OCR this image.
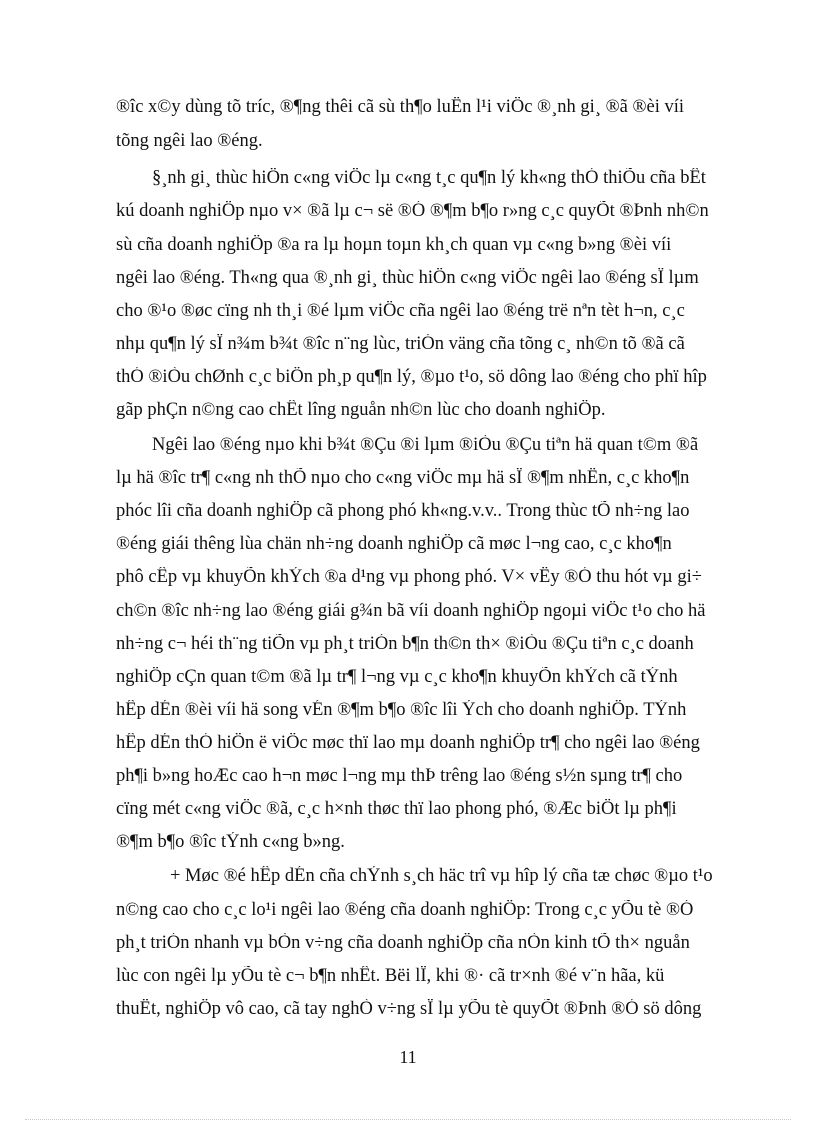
®îc x©y dùng tõ tríc, ®¶ng thêi cã sù th¶o luËn l¹i viÖc ®¸nh gi¸ ®ã ®èi víi
tõng ngêi lao ®éng.
§¸nh gi¸ thùc hiÖn c«ng viÖc lµ c«ng t¸c qu¶n lý kh«ng thÓ thiÕu cña bÊt
kú doanh nghiÖp nµo v× ®ã lµ c¬ së ®Ó ®¶m b¶o r»ng c¸c quyÕt ®Þnh nh©n
sù cña doanh nghiÖp ®a ra lµ hoµn toµn kh¸ch quan vµ c«ng b»ng ®èi víi
ngêi lao ®éng. Th«ng qua ®¸nh gi¸ thùc hiÖn c«ng viÖc ngêi lao ®éng sÏ lµm
cho ®¹o ®øc cïng nh th¸i ®é lµm viÖc cña ngêi lao ®éng trë nªn tèt h¬n, c¸c
nhµ qu¶n lý sÏ n¾m b¾t ®îc n¨ng lùc, triÓn väng cña tõng c¸ nh©n tõ ®ã cã
thÓ ®iÒu chØnh c¸c biÖn ph¸p qu¶n lý, ®µo t¹o, sö dông lao ®éng cho phï hîp
gãp phÇn n©ng cao chÊt lîng nguån nh©n lùc cho doanh nghiÖp.
Ngêi lao ®éng nµo khi b¾t ®Çu ®i lµm ®iÒu ®Çu tiªn hä quan t©m ®ã
lµ hä ®îc tr¶ c«ng nh thÕ nµo cho c«ng viÖc mµ hä sÏ ®¶m nhËn, c¸c kho¶n
phóc lîi cña doanh nghiÖp cã phong phó kh«ng.v.v.. Trong thùc tÕ nh÷ng lao
®éng giái thêng lùa chän nh÷ng doanh nghiÖp cã møc l¬ng cao, c¸c kho¶n
phô cÊp vµ khuyÕn khÝch ®a d¹ng vµ phong phó. V× vËy ®Ó thu hót vµ gi÷
ch©n ®îc nh÷ng lao ®éng giái g¾n bã víi doanh nghiÖp ngoµi viÖc t¹o cho hä
nh÷ng c¬ héi th¨ng tiÕn vµ ph¸t triÓn b¶n th©n th× ®iÒu ®Çu tiªn c¸c doanh
nghiÖp cÇn quan t©m ®ã lµ tr¶ l¬ng vµ c¸c kho¶n khuyÕn khÝch cã tÝnh
hÊp dÉn ®èi víi hä song vÉn ®¶m b¶o ®îc lîi Ých cho doanh nghiÖp. TÝnh
hÊp dÉn thÓ hiÖn ë viÖc møc thï lao mµ doanh nghiÖp tr¶ cho ngêi lao ®éng
ph¶i b»ng hoÆc cao h¬n møc l¬ng mµ thÞ trêng lao ®éng s½n sµng tr¶ cho
cïng mét c«ng viÖc ®ã, c¸c h×nh thøc thï lao phong phó, ®Æc biÖt lµ ph¶i
®¶m b¶o ®îc tÝnh c«ng b»ng.
+ Møc ®é hÊp dÉn cña chÝnh s¸ch häc trî vµ hîp lý cña tæ chøc ®µo t¹o
n©ng cao cho c¸c lo¹i ngêi lao ®éng cña doanh nghiÖp: Trong c¸c yÕu tè ®Ó
ph¸t triÓn nhanh vµ bÒn v÷ng cña doanh nghiÖp cña nÒn kinh tÕ th× nguån
lùc con ngêi lµ yÕu tè c¬ b¶n nhÊt. Bëi lÏ, khi ®· cã tr×nh ®é v¨n hãa, kü
thuËt, nghiÖp vô cao, cã tay nghÒ v÷ng sÏ lµ yÕu tè quyÕt ®Þnh ®Ó sö dông
11
